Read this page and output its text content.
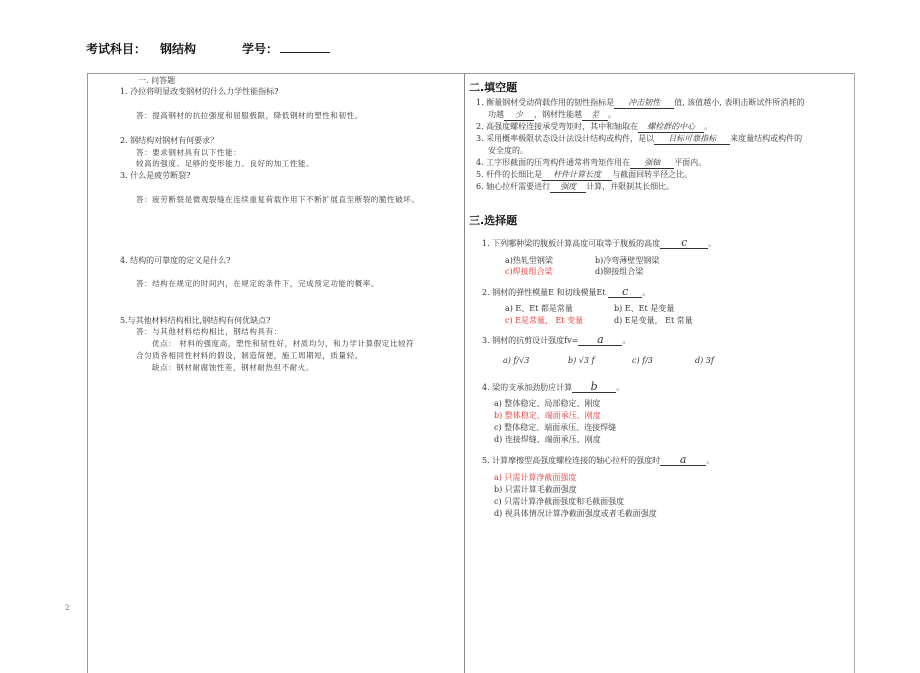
考试科目： 钢结构	学号：
2
一. 问答题
1. 冷拉将明显改变钢材的什么力学性能指标?
答：提高钢材的抗拉强度和屈服极限，降低钢材的塑性和韧性。
2. 钢结构对钢材有何要求？
答：要求钢材具有以下性能：
较高的强度、足够的变形能力、良好的加工性能。
3. 什么是疲劳断裂?
答：疲劳断裂是微观裂缝在连续重复荷载作用下不断扩展直至断裂的脆性破坏。
4. 结构的可靠度的定义是什么?
答：结构在规定的时间内，在规定的条件下，完成预定功能的概率。
5.与其他材料结构相比,钢结构有何优缺点?
答：与其他材料结构相比，钢结构具有：
优点： 材料的强度高，塑性和韧性好，材质均匀，和力学计算假定比较符
合匀质各相同性材料的假设，制造简便，施工周期短，质量轻。
缺点：钢材耐腐蚀性差，钢材耐热但不耐火。
二.填空题
1. 衡量钢材受动荷载作用的韧性指标是 冲击韧性 值, 该值越小, 表明击断试件所消耗的
功越 少 ，钢材性能越 差 。
2. 高强度螺栓连接承受弯矩时，其中和轴取在 螺栓群的中心 。
3. 采用概率极限状态设计法设计结构或构件，是以 目标可靠指标 来度量结构或构件的
安全度的。
4. 工字形截面的压弯构件通常将弯矩作用在 强轴 平面内。
5. 杆件的长细比是 杆件计算长度 与截面回转半径之比。
6. 轴心拉杆需要进行 强度 计算，并限制其长细比。
三.选择题
1. 下列哪种梁的腹板计算高度可取等于腹板的高度 c	。
a)热轧型钢梁	b)冷弯薄壁型钢梁
c)焊接组合梁	d)铆接组合梁
2. 钢材的弹性模量E 和切线模量Et c 。
a) E、Et 都是常量	b) E、Et 是变量
c) E是常量， Et 变量	d) E是变量， Et 常量
3. 钢材的抗剪设计强度fv= a 。
a) f/√3	b) √3 f	c) f/3	d) 3f
4. 梁的支承加劲肋应计算 b 。
a) 整体稳定、局部稳定、刚度
b) 整体稳定、端面承压、刚度
c) 整体稳定、端面承压、连接焊缝
d) 连接焊缝、端面承压、刚度
5. 计算摩擦型高强度螺栓连接的轴心拉杆的强度时 a 。
a) 只需计算净截面强度
b) 只需计算毛截面强度
c) 只需计算净截面强度和毛截面强度
d) 视具体情况计算净截面强度或者毛截面强度
